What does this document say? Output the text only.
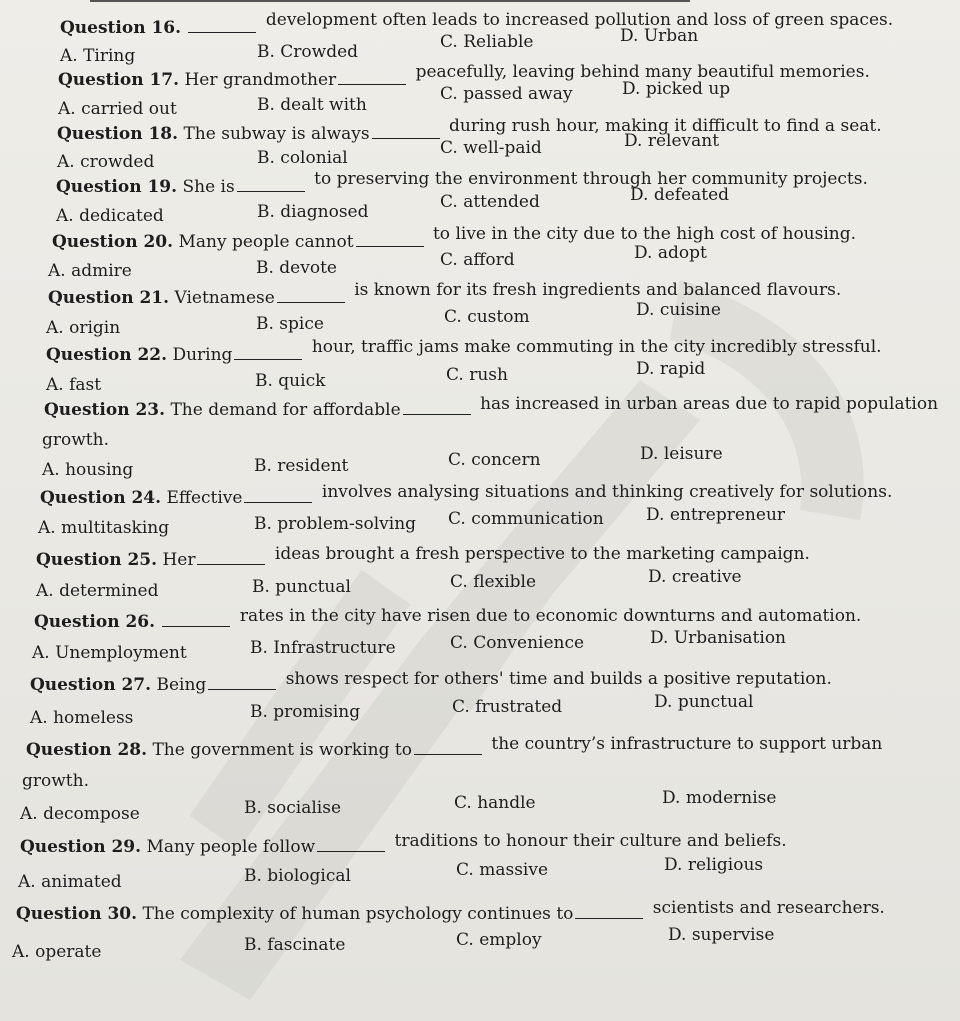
Question 16.	development often leads to increased pollution and loss of green spaces.
A. Tiring	B. Crowded	C. Reliable	D. Urban
Question 17. Her grandmother	peacefully, leaving behind many beautiful memories.
A. carried out	B. dealt with
C. passed away	D. picked up
Question 18. The subway is always	during rush hour, making it difficult to find a seat.
A. crowded	B. colonial	C. well-paid	D. relevant
Question 19. She is	to preserving the environment through her community projects.
A. dedicated	B. diagnosed	C. attended	D. defeated
Question 20. Many people cannot	to live in the city due to the high cost of housing.
A. admire	B. devote	C. afford	D. adopt
Question 21. Vietnamese	is known for its fresh ingredients and balanced flavours.
A. origin	B. spice	C. custom	D. cuisine
Question 22. During	hour, traffic jams make commuting in the city incredibly stressful.
A. fast	B. quick	C. rush	D. rapid
Question 23. The demand for affordable	has increased in urban areas due to rapid population
growth.
A. housing	B. resident	C. concern	D. leisure
Question 24. Effective	involves analysing situations and thinking creatively for solutions.
A. multitasking	B. problem-solving C. communication D. entrepreneur
Question 25. Her	ideas brought a fresh perspective to the marketing campaign.
A. determined	B. punctual	C. flexible	D. creative
Question 26.	rates in the city have risen due to economic downturns and automation.
A. Unemployment	B. Infrastructure	C. Convenience	D. Urbanisation
Question 27. Being	shows respect for others' time and builds a positive reputation.
A. homeless	B. promising	C. frustrated	D. punctual
Question 28. The government is working to	the country’s infrastructure to support urban
growth.
A. decompose	B. socialise	C. handle	D. modernise
Question 29. Many people follow	traditions to honour their culture and beliefs.
A. animated	B. biological	C. massive	D. religious
Question 30. The complexity of human psychology continues to	scientists and researchers.
A. operate	B. fascinate	C. employ	D. supervise
